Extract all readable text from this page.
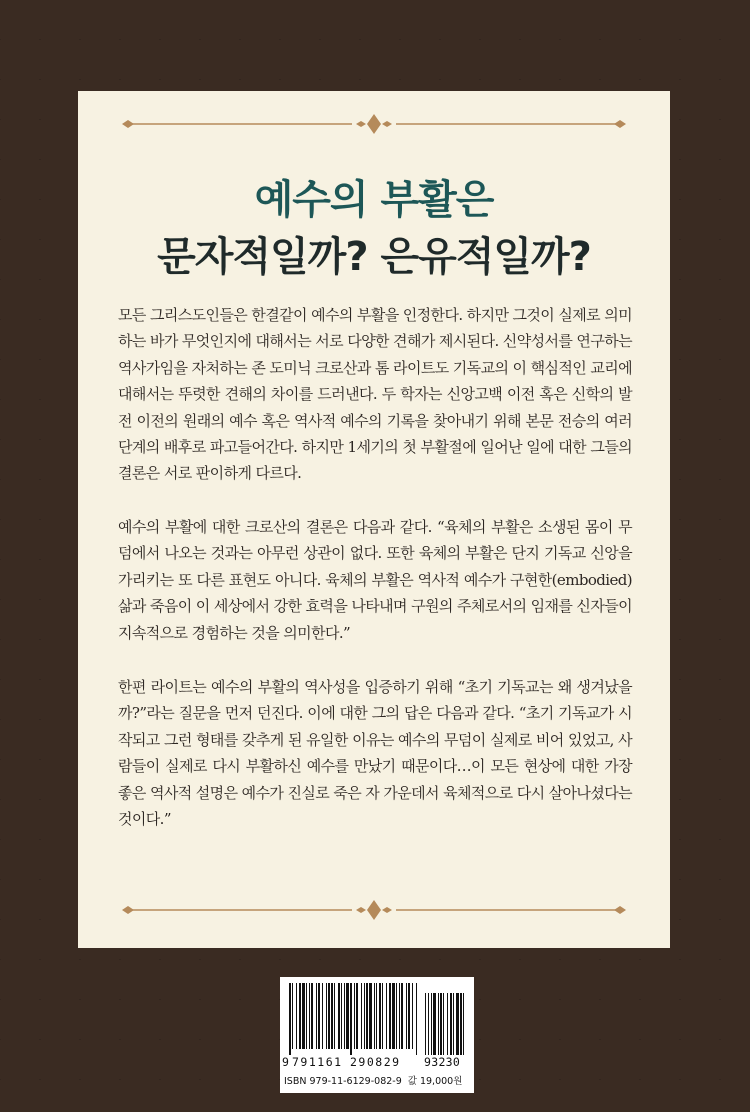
예수의 부활은
문자적일까? 은유적일까?

모든 그리스도인들은 한결같이 예수의 부활을 인정한다. 하지만 그것이 실제로 의미하는 바가 무엇인지에 대해서는 서로 다양한 견해가 제시된다. 신약성서를 연구하는 역사가임을 자처하는 존 도미닉 크로산과 톰 라이트도 기독교의 이 핵심적인 교리에 대해서는 뚜렷한 견해의 차이를 드러낸다. 두 학자는 신앙고백 이전 혹은 신학의 발전 이전의 원래의 예수 혹은 역사적 예수의 기록을 찾아내기 위해 본문 전승의 여러 단계의 배후로 파고들어간다. 하지만 1세기의 첫 부활절에 일어난 일에 대한 그들의 결론은 서로 판이하게 다르다.

예수의 부활에 대한 크로산의 결론은 다음과 같다. “육체의 부활은 소생된 몸이 무덤에서 나오는 것과는 아무런 상관이 없다. 또한 육체의 부활은 단지 기독교 신앙을 가리키는 또 다른 표현도 아니다. 육체의 부활은 역사적 예수가 구현한(embodied) 삶과 죽음이 이 세상에서 강한 효력을 나타내며 구원의 주체로서의 임재를 신자들이 지속적으로 경험하는 것을 의미한다.”

한편 라이트는 예수의 부활의 역사성을 입증하기 위해 “초기 기독교는 왜 생겨났을까?”라는 질문을 먼저 던진다. 이에 대한 그의 답은 다음과 같다. “초기 기독교가 시작되고 그런 형태를 갖추게 된 유일한 이유는 예수의 무덤이 실제로 비어 있었고, 사람들이 실제로 다시 부활하신 예수를 만났기 때문이다…이 모든 현상에 대한 가장 좋은 역사적 설명은 예수가 진실로 죽은 자 가운데서 육체적으로 다시 살아나셨다는 것이다.”

9 791161 290829 93230
ISBN 979-11-6129-082-9 값 19,000원
